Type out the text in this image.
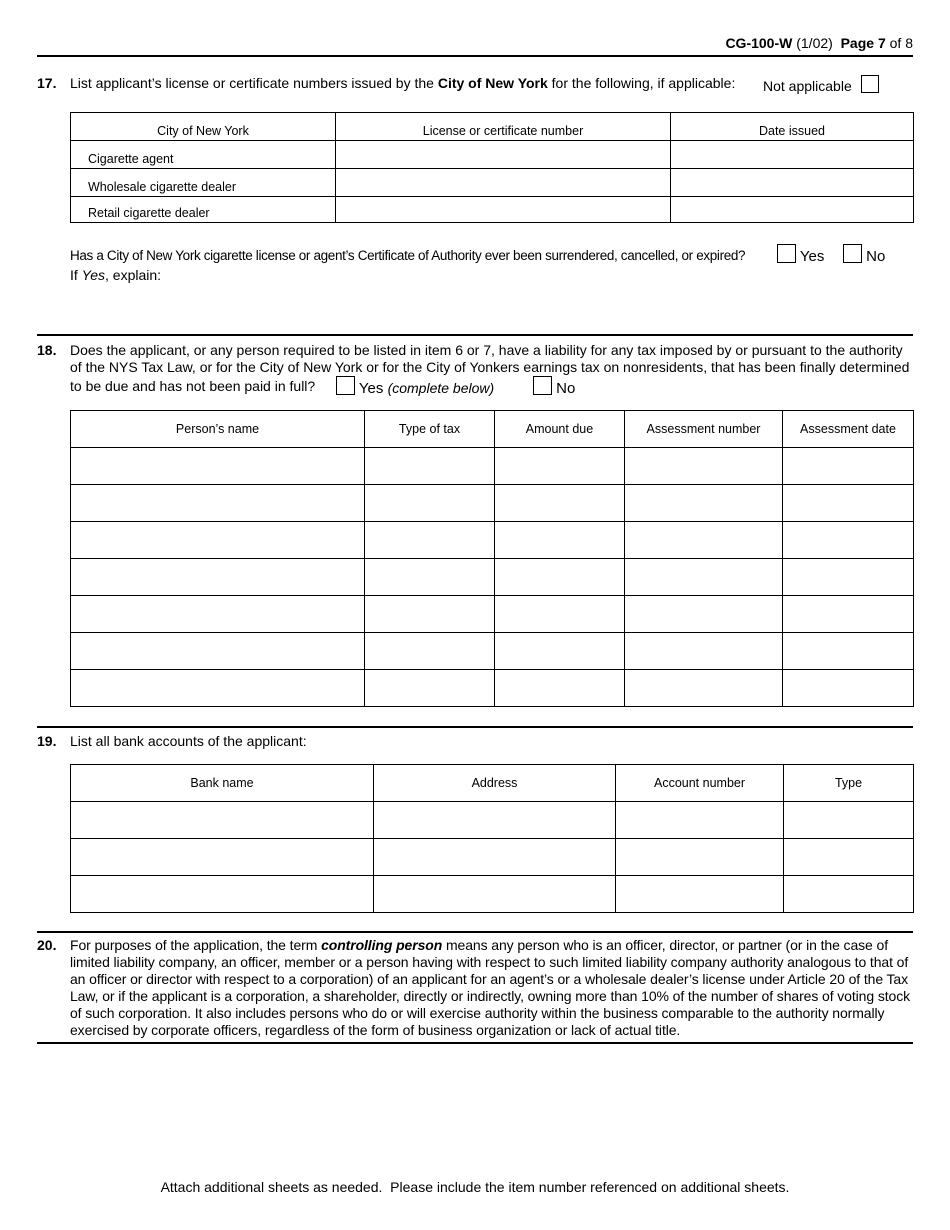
CG-100-W (1/02) Page 7 of 8
17. List applicant’s license or certificate numbers issued by the City of New York for the following, if applicable: Not applicable
City of New York	License or certificate number	Date issued
Cigarette agent		
Wholesale cigarette dealer		
Retail cigarette dealer		
Has a City of New York cigarette license or agent’s Certificate of Authority ever been surrendered, cancelled, or expired?	Yes	No
If Yes, explain:
18. Does the applicant, or any person required to be listed in item 6 or 7, have a liability for any tax imposed by or pursuant to the authority
of the NYS Tax Law, or for the City of New York or for the City of Yonkers earnings tax on nonresidents, that has been finally determined
to be due and has not been paid in full?	Yes (complete below)	No
Person’s name	Type of tax	Amount due	Assessment number	Assessment date

19. List all bank accounts of the applicant:
Bank name	Address	Account number	Type

20. For purposes of the application, the term controlling person means any person who is an officer, director, or partner (or in the case of limited liability company, an officer, member or a person having with respect to such limited liability company authority analogous to that of an officer or director with respect to a corporation) of an applicant for an agent’s or a wholesale dealer’s license under Article 20 of the Tax Law, or if the applicant is a corporation, a shareholder, directly or indirectly, owning more than 10% of the number of shares of voting stock of such corporation. It also includes persons who do or will exercise authority within the business comparable to the authority normally exercised by corporate officers, regardless of the form of business organization or lack of actual title.
Attach additional sheets as needed.  Please include the item number referenced on additional sheets.
